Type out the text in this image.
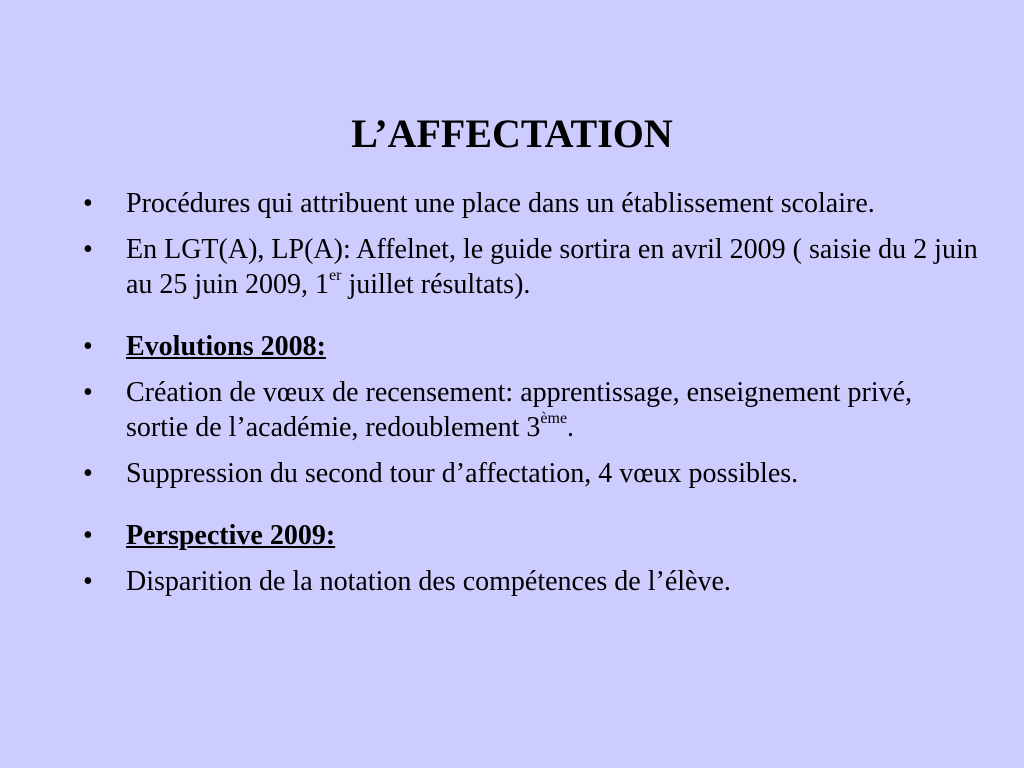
L’AFFECTATION
• Procédures qui attribuent une place dans un établissement scolaire.
• En LGT(A), LP(A): Affelnet, le guide sortira en avril 2009 ( saisie du 2 juin au 25 juin 2009, 1er juillet résultats).
• Evolutions 2008:
• Création de vœux de recensement: apprentissage, enseignement privé, sortie de l’académie, redoublement 3ème.
• Suppression du second tour d’affectation, 4 vœux possibles.
• Perspective 2009:
• Disparition de la notation des compétences de l’élève.
